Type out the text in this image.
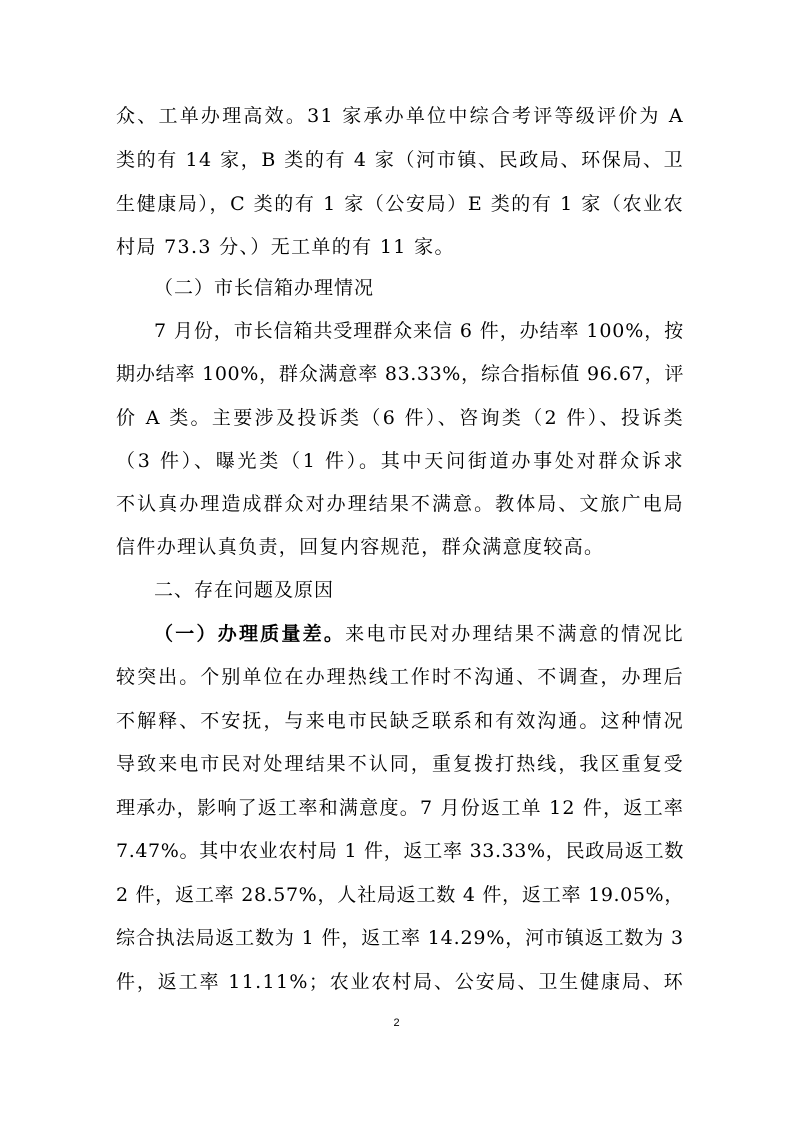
众、工单办理高效。31 家承办单位中综合考评等级评价为 A
类的有 14 家，B 类的有 4 家（河市镇、民政局、环保局、卫
生健康局），C 类的有 1 家（公安局）E 类的有 1 家（农业农
村局 73.3 分、）无工单的有 11 家。
（二）市长信箱办理情况
7 月份，市长信箱共受理群众来信 6 件，办结率 100%，按
期办结率 100%，群众满意率 83.33%，综合指标值 96.67，评
价 A 类。主要涉及投诉类（6 件）、咨询类（2 件）、投诉类
（3 件）、曝光类（1 件）。其中天问街道办事处对群众诉求
不认真办理造成群众对办理结果不满意。教体局、文旅广电局
信件办理认真负责，回复内容规范，群众满意度较高。
二、存在问题及原因
（一）办理质量差。来电市民对办理结果不满意的情况比
较突出。个别单位在办理热线工作时不沟通、不调查，办理后
不解释、不安抚，与来电市民缺乏联系和有效沟通。这种情况
导致来电市民对处理结果不认同，重复拨打热线，我区重复受
理承办，影响了返工率和满意度。7 月份返工单 12 件，返工率
7.47%。其中农业农村局 1 件，返工率 33.33%，民政局返工数
2 件，返工率 28.57%，人社局返工数 4 件，返工率 19.05%，
综合执法局返工数为 1 件，返工率 14.29%，河市镇返工数为 3
件，返工率 11.11%；农业农村局、公安局、卫生健康局、环
2
